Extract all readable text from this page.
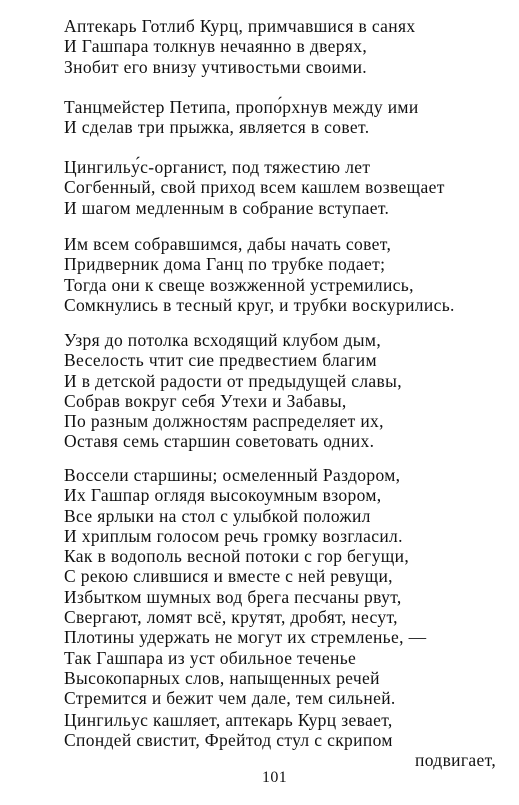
Аптекарь Готлиб Курц, примчавшися в санях
И Гашпара толкнув нечаянно в дверях,
Знобит его внизу учтивостьми своими.
Танцмейстер Петипа, пропо́рхнув между ими
И сделав три прыжка, является в совет.
Цингильу́с-органист, под тяжестию лет
Согбенный, свой приход всем кашлем возвещает
И шагом медленным в собрание вступает.
Им всем собравшимся, дабы начать совет,
Придверник дома Ганц по трубке подает;
Тогда они к свеще возжженной устремились,
Сомкнулись в тесный круг, и трубки воскурились.
Узря до потолка всходящий клубом дым,
Веселость чтит сие предвестием благим
И в детской радости от предыдущей славы,
Собрав вокруг себя Утехи и Забавы,
По разным должностям распределяет их,
Оставя семь старшин советовать одних.
Воссели старшины; осмеленный Раздором,
Их Гашпар оглядя высокоумным взором,
Все ярлыки на стол с улыбкой положил
И хриплым голосом речь громку возгласил.
Как в водополь весной потоки с гор бегущи,
С рекою слившися и вместе с ней ревущи,
Избытком шумных вод брега песчаны рвут,
Свергают, ломят всё, крутят, дробят, несут,
Плотины удержать не могут их стремленье, —
Так Гашпара из уст обильное теченье
Высокопарных слов, напыщенных речей
Стремится и бежит чем дале, тем сильней.
Цингильус кашляет, аптекарь Курц зевает,
Спондей свистит, Фрейтод стул с скрипом
подвигает,
101
